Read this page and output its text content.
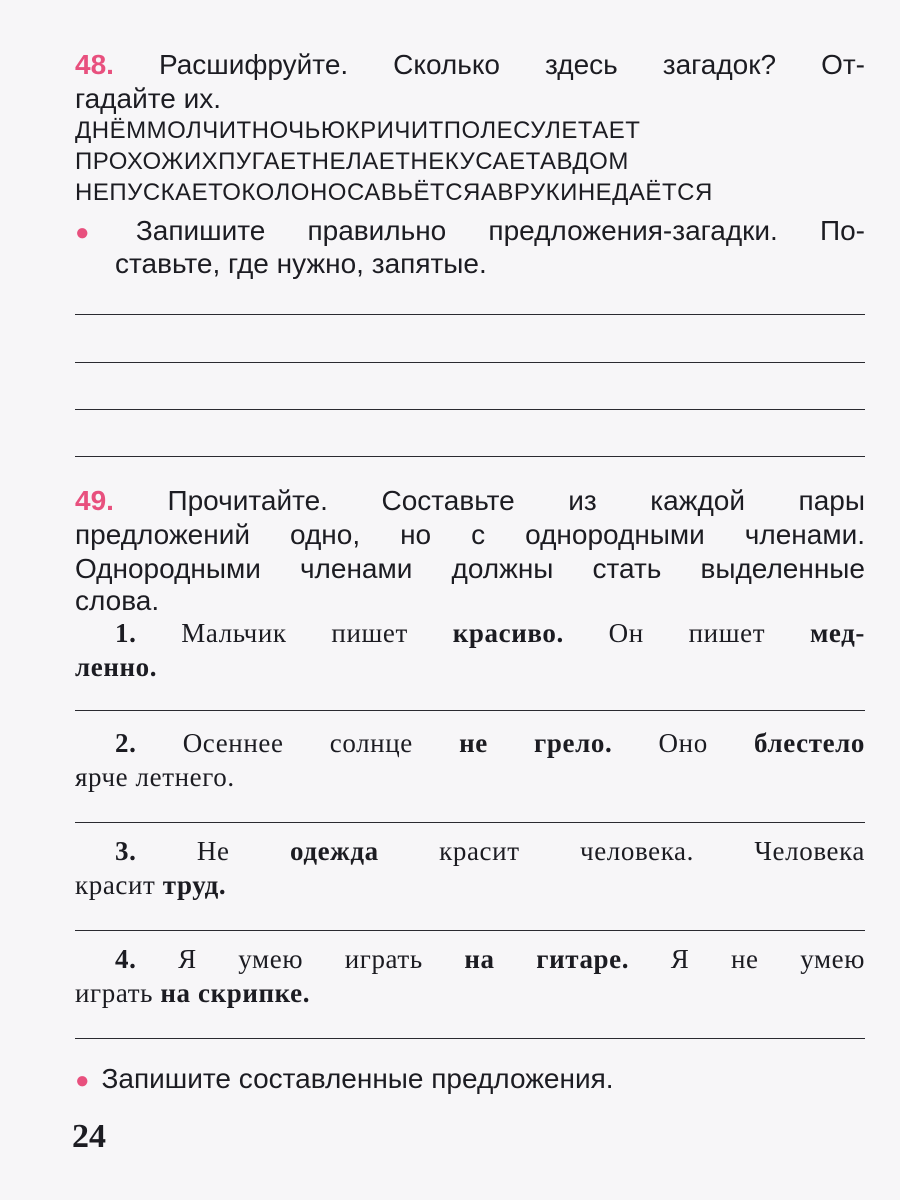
48. Расшифруйте. Сколько здесь загадок? От-
гадайте их.
ДНЁММОЛЧИТНОЧЬЮКРИЧИТПОЛЕСУЛЕТАЕТ
ПРОХОЖИХПУГАЕТНЕЛАЕТНЕКУСАЕТАВДОМ
НЕПУСКАЕТОКОЛОНОСАВЬЁТСЯАВРУКИНЕДАЁТСЯ
● Запишите правильно предложения-загадки. По-
ставьте, где нужно, запятые.
49. Прочитайте. Составьте из каждой пары
предложений одно, но с однородными членами.
Однородными членами должны стать выделенные
слова.
1. Мальчик пишет красиво. Он пишет мед-
ленно.
2. Осеннее солнце не грело. Оно блестело
ярче летнего.
3. Не одежда красит человека. Человека
красит труд.
4. Я умею играть на гитаре. Я не умею
играть на скрипке.
● Запишите составленные предложения.
24
